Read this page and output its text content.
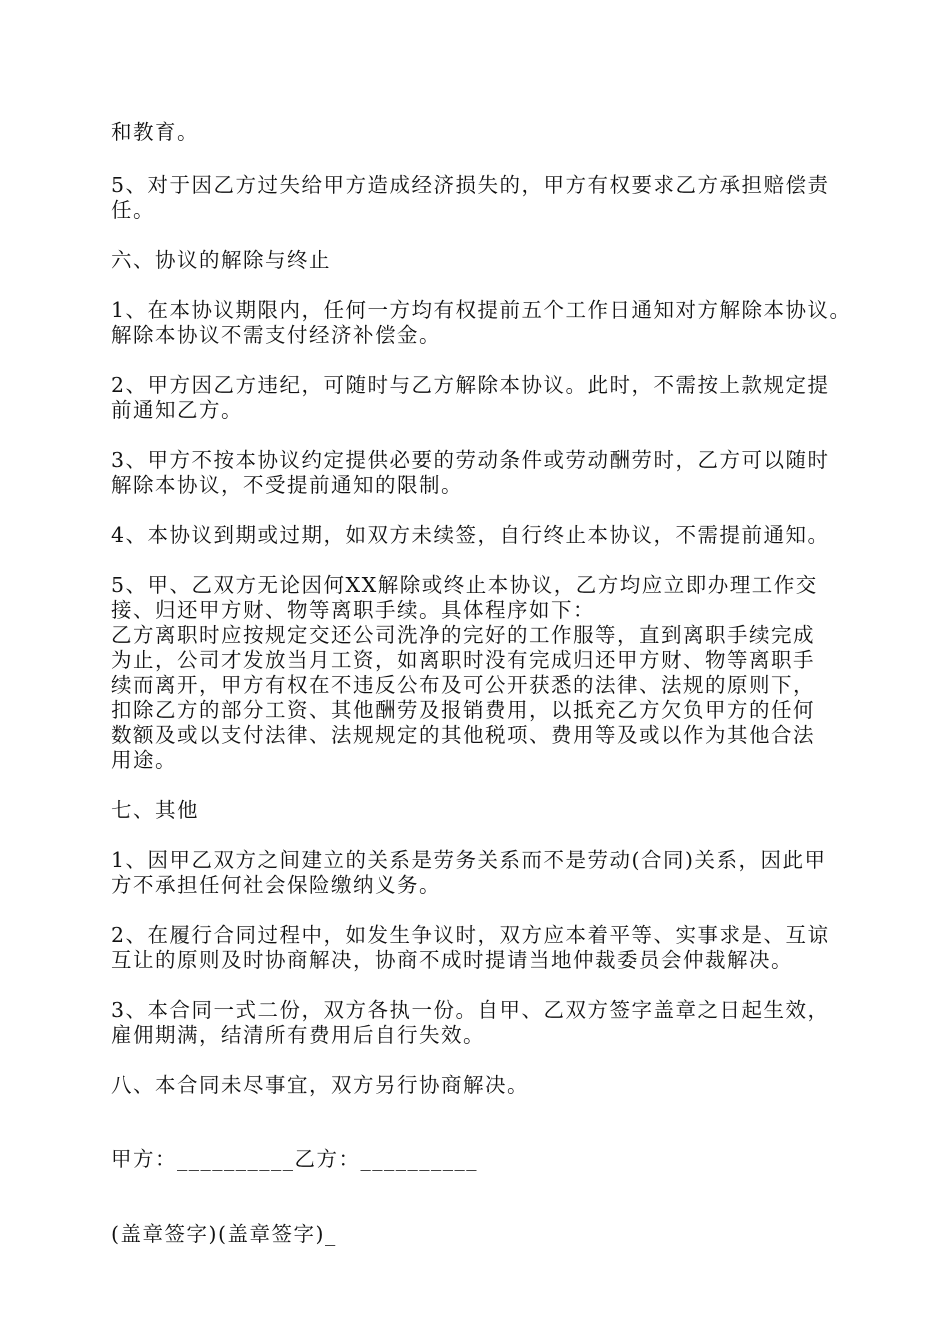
和教育。
5、对于因乙方过失给甲方造成经济损失的，甲方有权要求乙方承担赔偿责
任。
六、协议的解除与终止
1、在本协议期限内，任何一方均有权提前五个工作日通知对方解除本协议。
解除本协议不需支付经济补偿金。
2、甲方因乙方违纪，可随时与乙方解除本协议。此时，不需按上款规定提
前通知乙方。
3、甲方不按本协议约定提供必要的劳动条件或劳动酬劳时，乙方可以随时
解除本协议，不受提前通知的限制。
4、本协议到期或过期，如双方未续签，自行终止本协议，不需提前通知。
5、甲、乙双方无论因何XX解除或终止本协议，乙方均应立即办理工作交
接、归还甲方财、物等离职手续。具体程序如下：
乙方离职时应按规定交还公司洗净的完好的工作服等，直到离职手续完成
为止，公司才发放当月工资，如离职时没有完成归还甲方财、物等离职手
续而离开，甲方有权在不违反公布及可公开获悉的法律、法规的原则下，
扣除乙方的部分工资、其他酬劳及报销费用，以抵充乙方欠负甲方的任何
数额及或以支付法律、法规规定的其他税项、费用等及或以作为其他合法
用途。
七、其他
1、因甲乙双方之间建立的关系是劳务关系而不是劳动(合同)关系，因此甲
方不承担任何社会保险缴纳义务。
2、在履行合同过程中，如发生争议时，双方应本着平等、实事求是、互谅
互让的原则及时协商解决，协商不成时提请当地仲裁委员会仲裁解决。
3、本合同一式二份，双方各执一份。自甲、乙双方签字盖章之日起生效，
雇佣期满，结清所有费用后自行失效。
八、本合同未尽事宜，双方另行协商解决。
甲方：__________乙方：__________
(盖章签字)(盖章签字)_
